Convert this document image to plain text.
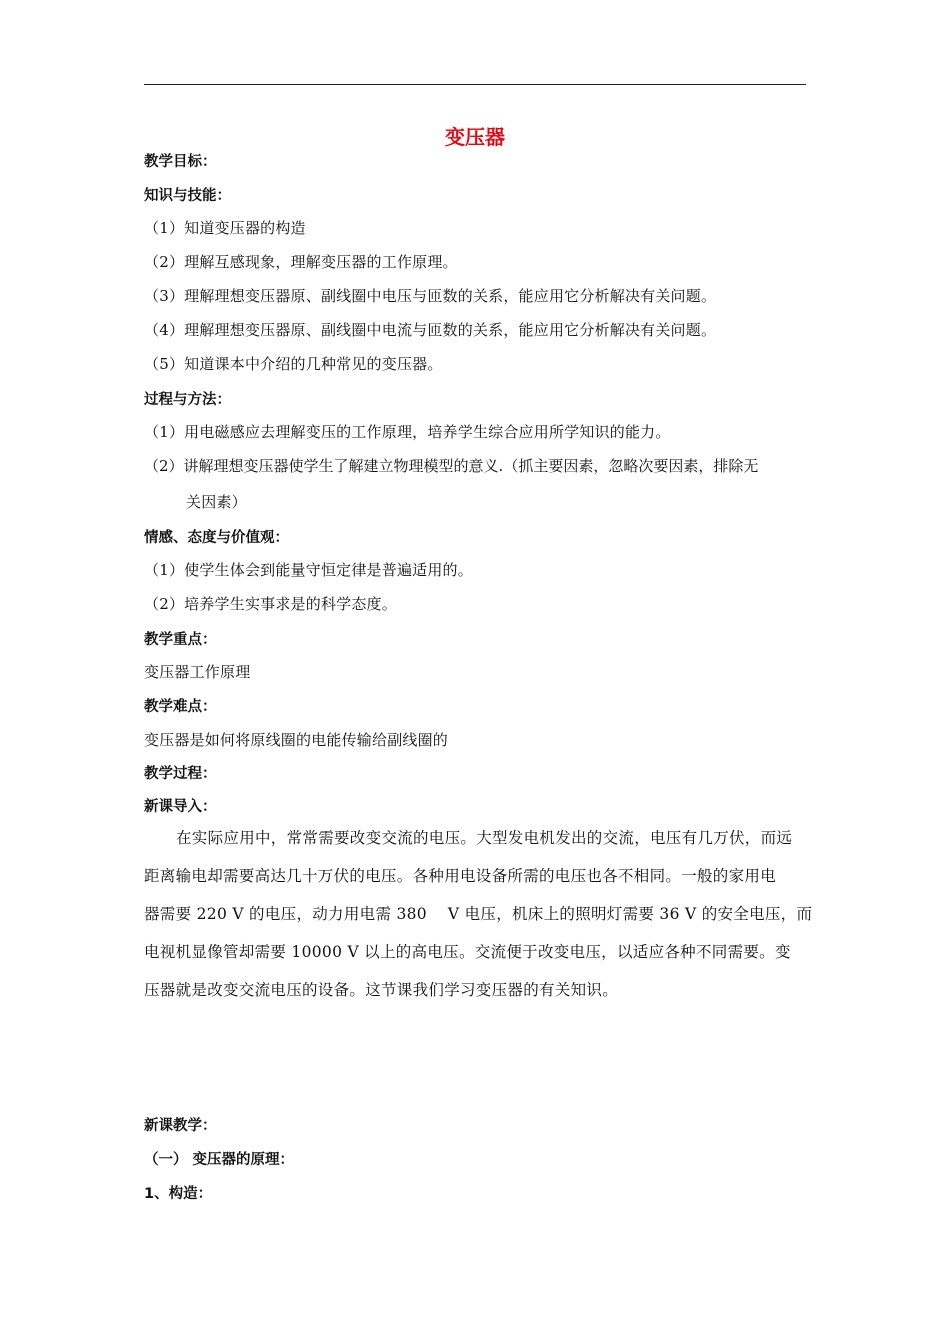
变压器
教学目标：
知识与技能：
（1）知道变压器的构造
（2）理解互感现象，理解变压器的工作原理。
（3）理解理想变压器原、副线圈中电压与匝数的关系，能应用它分析解决有关问题。
（4）理解理想变压器原、副线圈中电流与匝数的关系，能应用它分析解决有关问题。
（5）知道课本中介绍的几种常见的变压器。
过程与方法：
（1）用电磁感应去理解变压的工作原理，培养学生综合应用所学知识的能力。
（2）讲解理想变压器使学生了解建立物理模型的意义.（抓主要因素，忽略次要因素，排除无
关因素）
情感、态度与价值观：
（1）使学生体会到能量守恒定律是普遍适用的。
（2）培养学生实事求是的科学态度。
教学重点：
变压器工作原理
教学难点：
变压器是如何将原线圈的电能传输给副线圈的
教学过程：
新课导入：
在实际应用中，常常需要改变交流的电压。大型发电机发出的交流，电压有几万伏，而远
距离输电却需要高达几十万伏的电压。各种用电设备所需的电压也各不相同。一般的家用电
器需要 220 V 的电压，动力用电需 380    V 电压，机床上的照明灯需要 36 V 的安全电压，而
电视机显像管却需要 10000 V 以上的高电压。交流便于改变电压，以适应各种不同需要。变
压器就是改变交流电压的设备。这节课我们学习变压器的有关知识。
新课教学：
（一） 变压器的原理：
1、构造：
